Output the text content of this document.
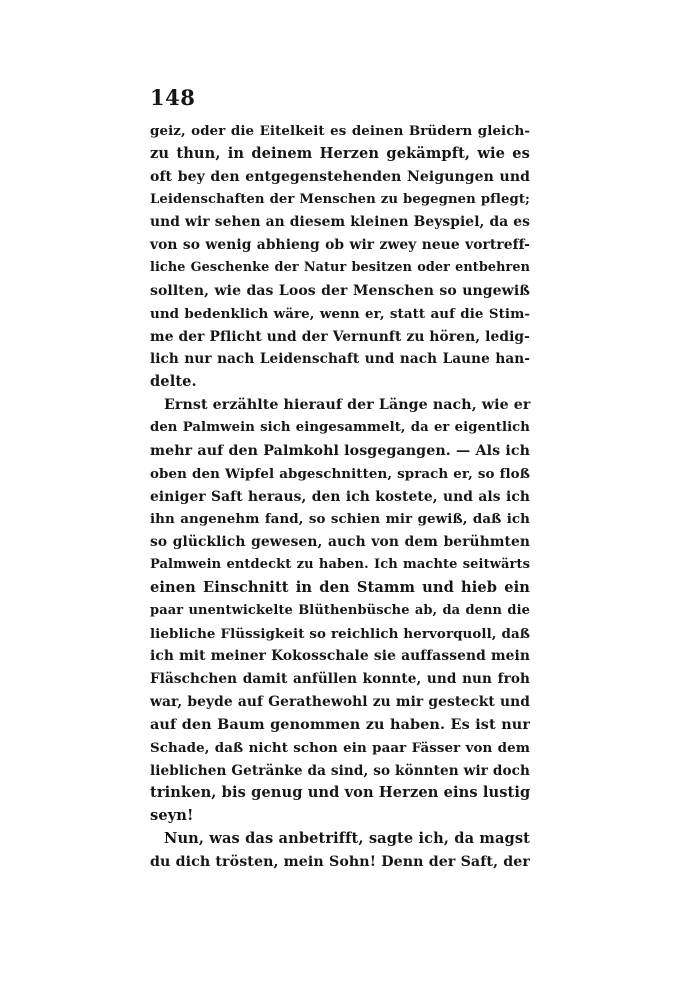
148
geiz, oder die Eitelkeit es deinen Brüdern gleich-
zu thun, in deinem Herzen gekämpft, wie es
oft bey den entgegenstehenden Neigungen und
Leidenschaften der Menschen zu begegnen pflegt;
und wir sehen an diesem kleinen Beyspiel, da es
von so wenig abhieng ob wir zwey neue vortreff-
liche Geschenke der Natur besitzen oder entbehren
sollten, wie das Loos der Menschen so ungewiß
und bedenklich wäre, wenn er, statt auf die Stim-
me der Pflicht und der Vernunft zu hören, ledig-
lich nur nach Leidenschaft und nach Laune han-
delte.
Ernst erzählte hierauf der Länge nach, wie er
den Palmwein sich eingesammelt, da er eigentlich
mehr auf den Palmkohl losgegangen. — Als ich
oben den Wipfel abgeschnitten, sprach er, so floß
einiger Saft heraus, den ich kostete, und als ich
ihn angenehm fand, so schien mir gewiß, daß ich
so glücklich gewesen, auch von dem berühmten
Palmwein entdeckt zu haben. Ich machte seitwärts
einen Einschnitt in den Stamm und hieb ein
paar unentwickelte Blüthenbüsche ab, da denn die
liebliche Flüssigkeit so reichlich hervorquoll, daß
ich mit meiner Kokosschale sie auffassend mein
Fläschchen damit anfüllen konnte, und nun froh
war, beyde auf Gerathewohl zu mir gesteckt und
auf den Baum genommen zu haben. Es ist nur
Schade, daß nicht schon ein paar Fässer von dem
lieblichen Getränke da sind, so könnten wir doch
trinken, bis genug und von Herzen eins lustig
seyn!
Nun, was das anbetrifft, sagte ich, da magst
du dich trösten, mein Sohn! Denn der Saft, der
